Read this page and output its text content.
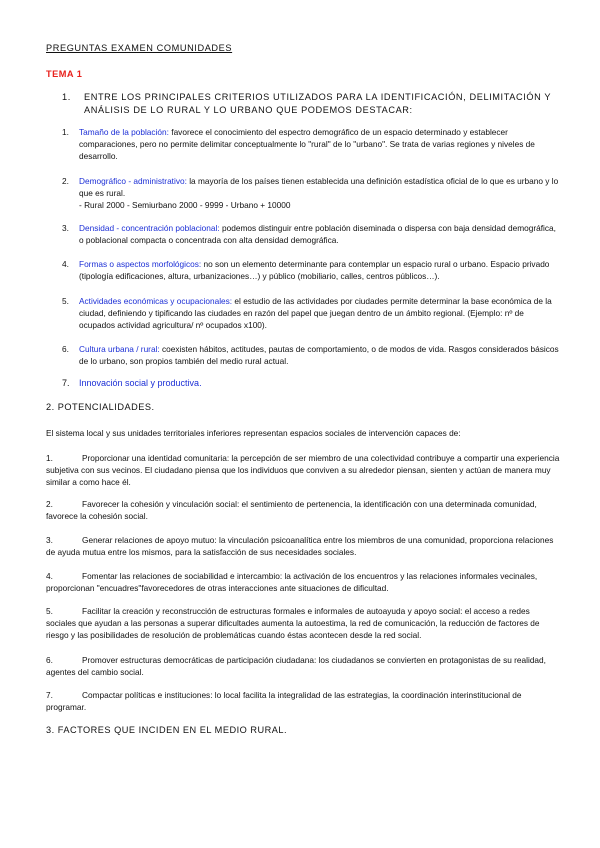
PREGUNTAS EXAMEN COMUNIDADES
TEMA 1
1. ENTRE LOS PRINCIPALES CRITERIOS UTILIZADOS PARA LA IDENTIFICACIÓN, DELIMITACIÓN Y ANÁLISIS DE LO RURAL Y LO URBANO QUE PODEMOS DESTACAR:
1. Tamaño de la población: favorece el conocimiento del espectro demográfico de un espacio determinado y establecer comparaciones, pero no permite delimitar conceptualmente lo "rural" de lo "urbano". Se trata de varias regiones y niveles de desarrollo.
2. Demográfico - administrativo: la mayoría de los países tienen establecida una definición estadística oficial de lo que es urbano y lo que es rural.
- Rural 2000 - Semiurbano 2000 - 9999 - Urbano + 10000
3. Densidad - concentración poblacional: podemos distinguir entre población diseminada o dispersa con baja densidad demográfica, o poblacional compacta o concentrada con alta densidad demográfica.
4. Formas o aspectos morfológicos: no son un elemento determinante para contemplar un espacio rural o urbano. Espacio privado (tipología edificaciones, altura, urbanizaciones…) y público (mobiliario, calles, centros públicos…).
5. Actividades económicas y ocupacionales: el estudio de las actividades por ciudades permite determinar la base económica de la ciudad, definiendo y tipificando las ciudades en razón del papel que juegan dentro de un ámbito regional. (Ejemplo: nº de ocupados actividad agricultura/ nº ocupados x100).
6. Cultura urbana / rural: coexisten hábitos, actitudes, pautas de comportamiento, o de modos de vida. Rasgos considerados básicos de lo urbano, son propios también del medio rural actual.
7. Innovación social y productiva.
2. POTENCIALIDADES.
El sistema local y sus unidades territoriales inferiores representan espacios sociales de intervención capaces de:
1.	Proporcionar una identidad comunitaria: la percepción de ser miembro de una colectividad contribuye a compartir una experiencia subjetiva con sus vecinos. El ciudadano piensa que los individuos que conviven a su alrededor piensan, sienten y actúan de manera muy similar a como hace él.
2.	Favorecer la cohesión y vinculación social: el sentimiento de pertenencia, la identificación con una determinada comunidad, favorece la cohesión social.
3.	Generar relaciones de apoyo mutuo: la vinculación psicoanalítica entre los miembros de una comunidad, proporciona relaciones de ayuda mutua entre los mismos, para la satisfacción de sus necesidades sociales.
4.	Fomentar las relaciones de sociabilidad e intercambio: la activación de los encuentros y las relaciones informales vecinales, proporcionan "encuadres"favorecedores de otras interacciones ante situaciones de dificultad.
5.	Facilitar la creación y reconstrucción de estructuras formales e informales de autoayuda y apoyo social: el acceso a redes sociales que ayudan a las personas a superar dificultades aumenta la autoestima, la red de comunicación, la reducción de factores de riesgo y las posibilidades de resolución de problemáticas cuando éstas acontecen desde la red social.
6.	Promover estructuras democráticas de participación ciudadana: los ciudadanos se convierten en protagonistas de su realidad, agentes del cambio social.
7.	Compactar políticas e instituciones: lo local facilita la integralidad de las estrategias, la coordinación interinstitucional de programar.
3. FACTORES QUE INCIDEN EN EL MEDIO RURAL.
